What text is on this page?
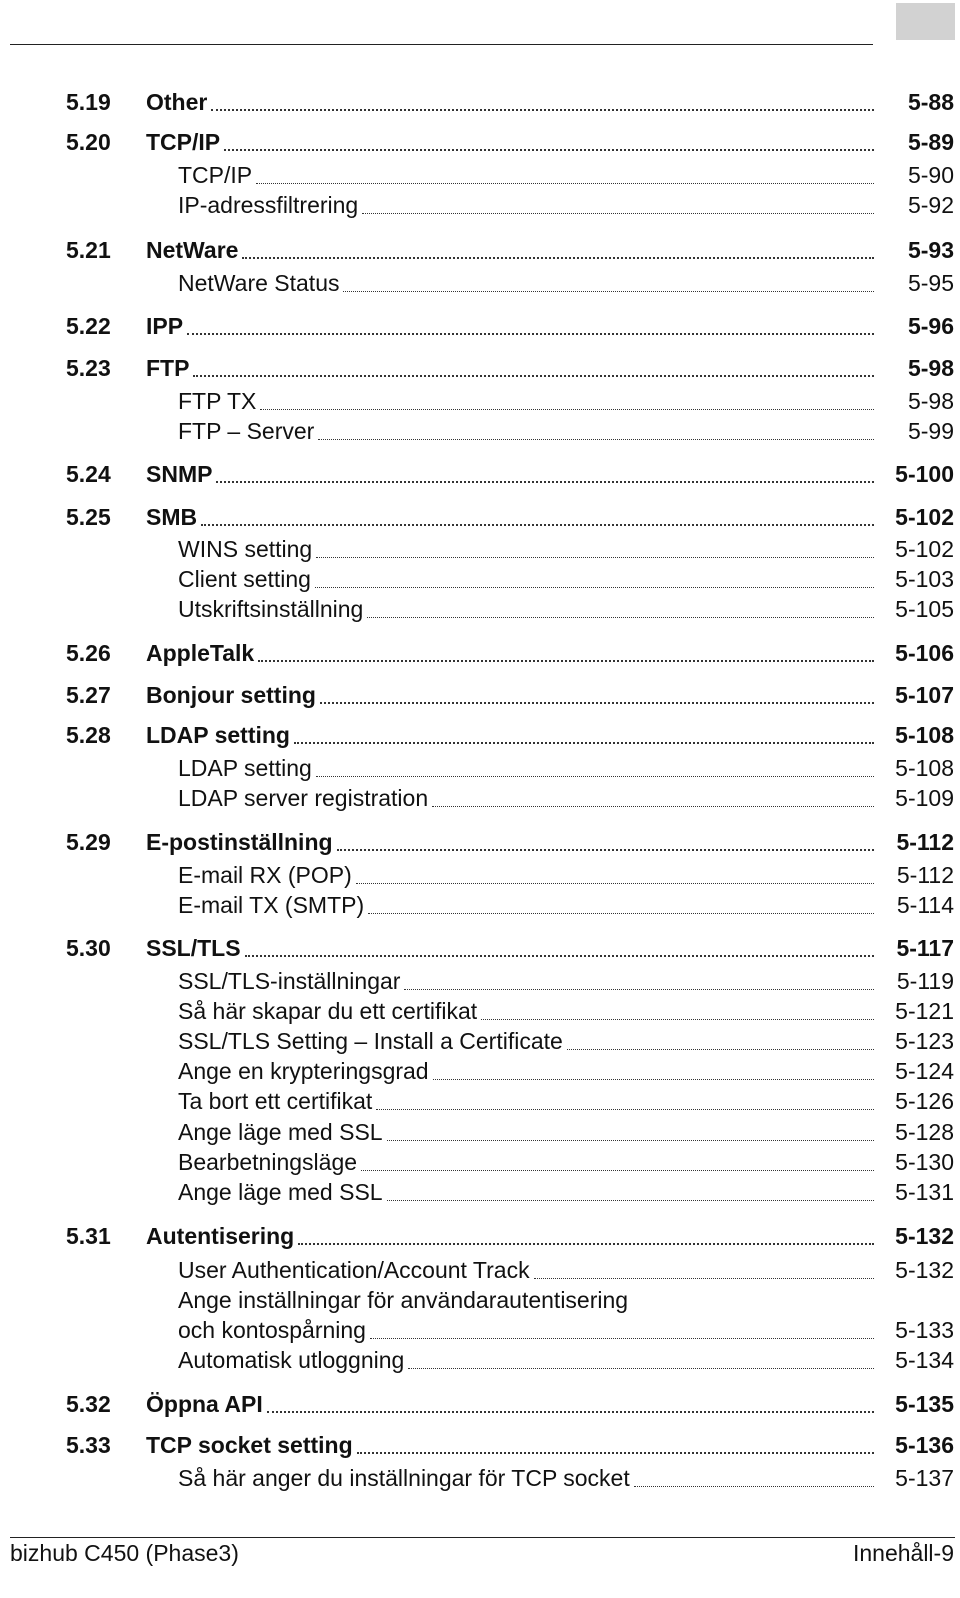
5.19	Other	5-88
5.20	TCP/IP	5-89
TCP/IP	5-90
IP-adressfiltrering	5-92
5.21	NetWare	5-93
NetWare Status	5-95
5.22	IPP	5-96
5.23	FTP	5-98
FTP TX	5-98
FTP – Server	5-99
5.24	SNMP	5-100
5.25	SMB	5-102
WINS setting	5-102
Client setting	5-103
Utskriftsinställning	5-105
5.26	AppleTalk	5-106
5.27	Bonjour setting	5-107
5.28	LDAP setting	5-108
LDAP setting	5-108
LDAP server registration	5-109
5.29	E-postinställning	5-112
E-mail RX (POP)	5-112
E-mail TX (SMTP)	5-114
5.30	SSL/TLS	5-117
SSL/TLS-inställningar	5-119
Så här skapar du ett certifikat	5-121
SSL/TLS Setting – Install a Certificate	5-123
Ange en krypteringsgrad	5-124
Ta bort ett certifikat	5-126
Ange läge med SSL	5-128
Bearbetningsläge	5-130
Ange läge med SSL	5-131
5.31	Autentisering	5-132
User Authentication/Account Track	5-132
Ange inställningar för användarautentisering
och kontospårning	5-133
Automatisk utloggning	5-134
5.32	Öppna API	5-135
5.33	TCP socket setting	5-136
Så här anger du inställningar för TCP socket	5-137
bizhub C450 (Phase3)	Innehåll-9
